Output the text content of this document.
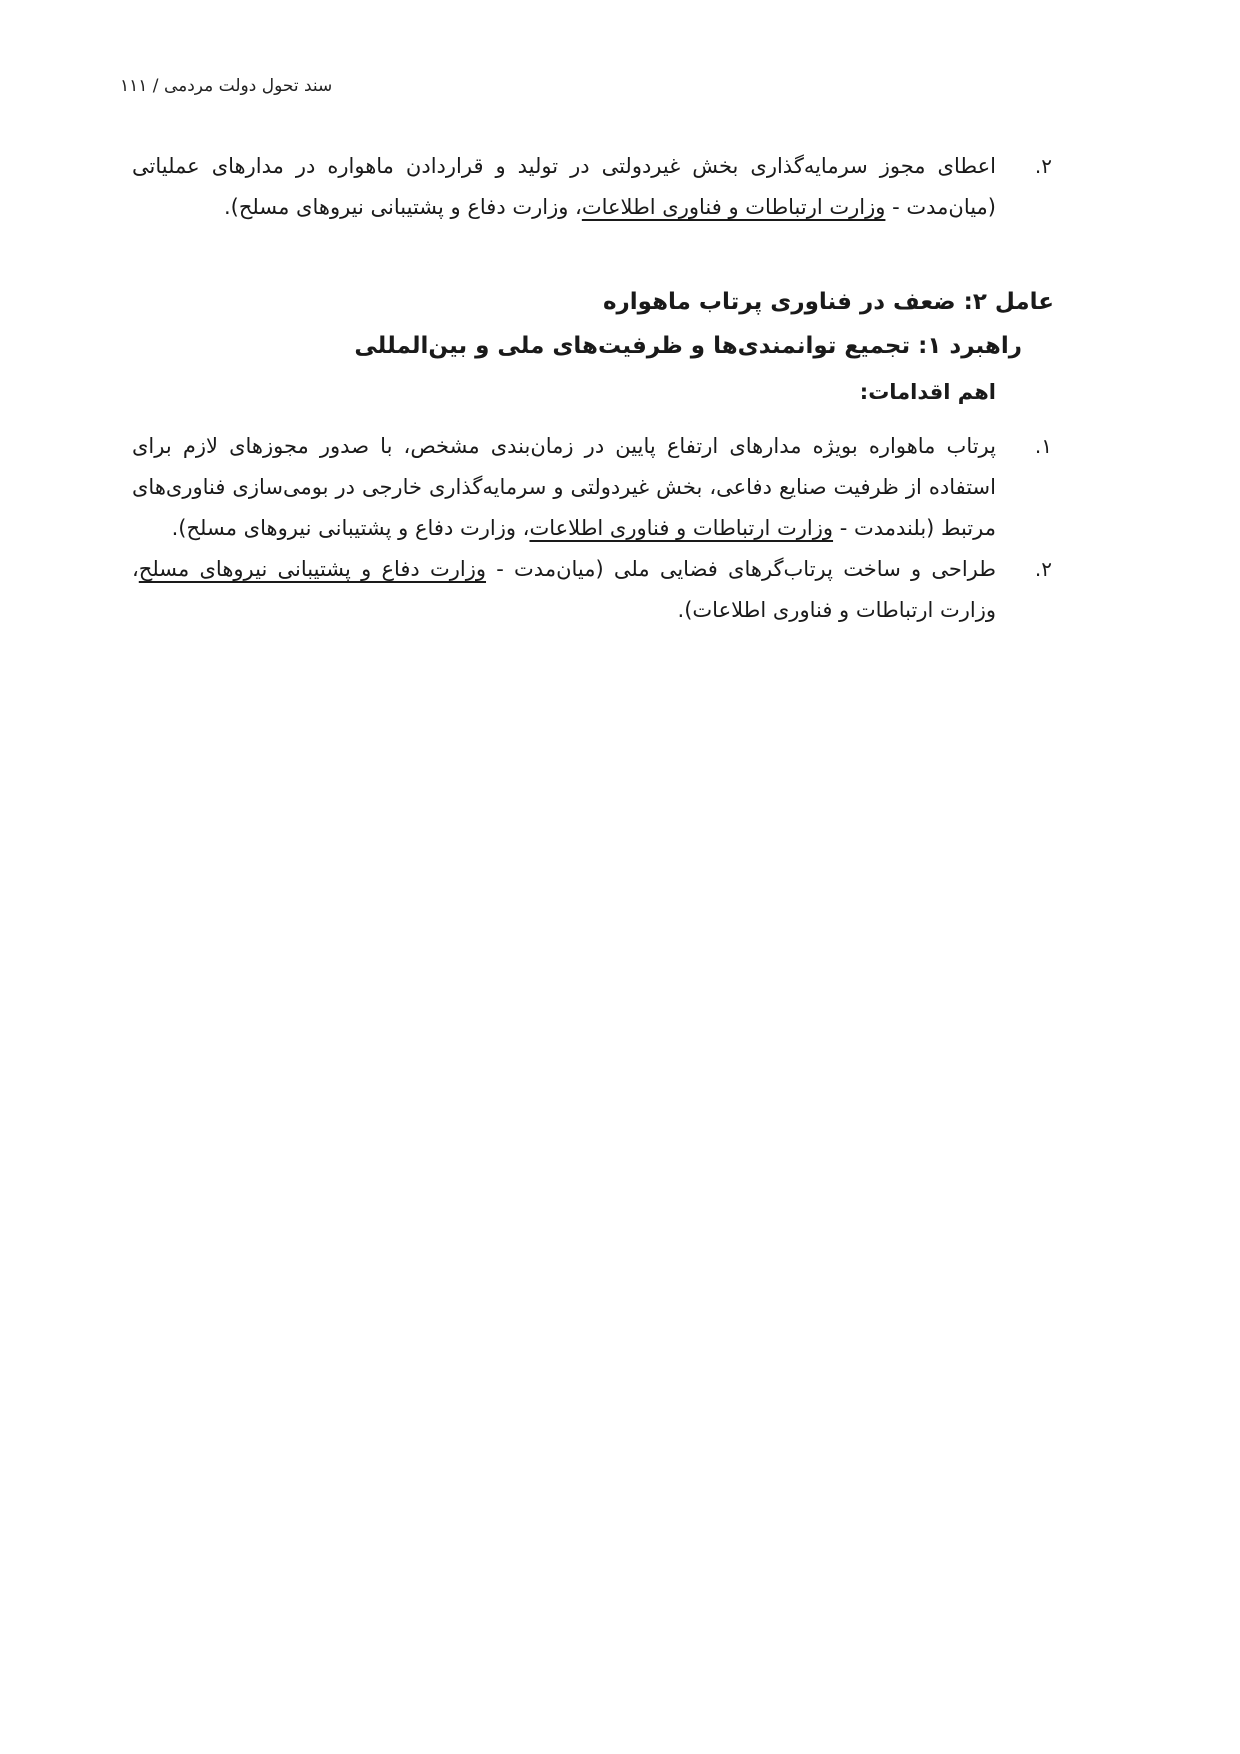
سند تحول دولت مردمی / ۱۱۱
۲.
اعطای مجوز سرمایه‌گذاری بخش غیردولتی در تولید و قراردادن ماهواره در مدارهای عملیاتی (میان‌مدت - وزارت ارتباطات و فناوری اطلاعات، وزارت دفاع و پشتیبانی نیروهای مسلح).
عامل ۲: ضعف در فناوری پرتاب ماهواره
راهبرد ۱: تجمیع توانمندی‌ها و ظرفیت‌های ملی و بین‌المللی
اهم اقدامات:
۱.
پرتاب ماهواره بویژه مدارهای ارتفاع پایین در زمان‌بندی مشخص، با صدور مجوزهای لازم برای استفاده از ظرفیت صنایع دفاعی، بخش غیردولتی و سرمایه‌گذاری خارجی در بومی‌سازی فناوری‌های مرتبط (بلندمدت - وزارت ارتباطات و فناوری اطلاعات، وزارت دفاع و پشتیبانی نیروهای مسلح).
۲.
طراحی و ساخت پرتاب‌گرهای فضایی ملی (میان‌مدت - وزارت دفاع و پشتیبانی نیروهای مسلح، وزارت ارتباطات و فناوری اطلاعات).
